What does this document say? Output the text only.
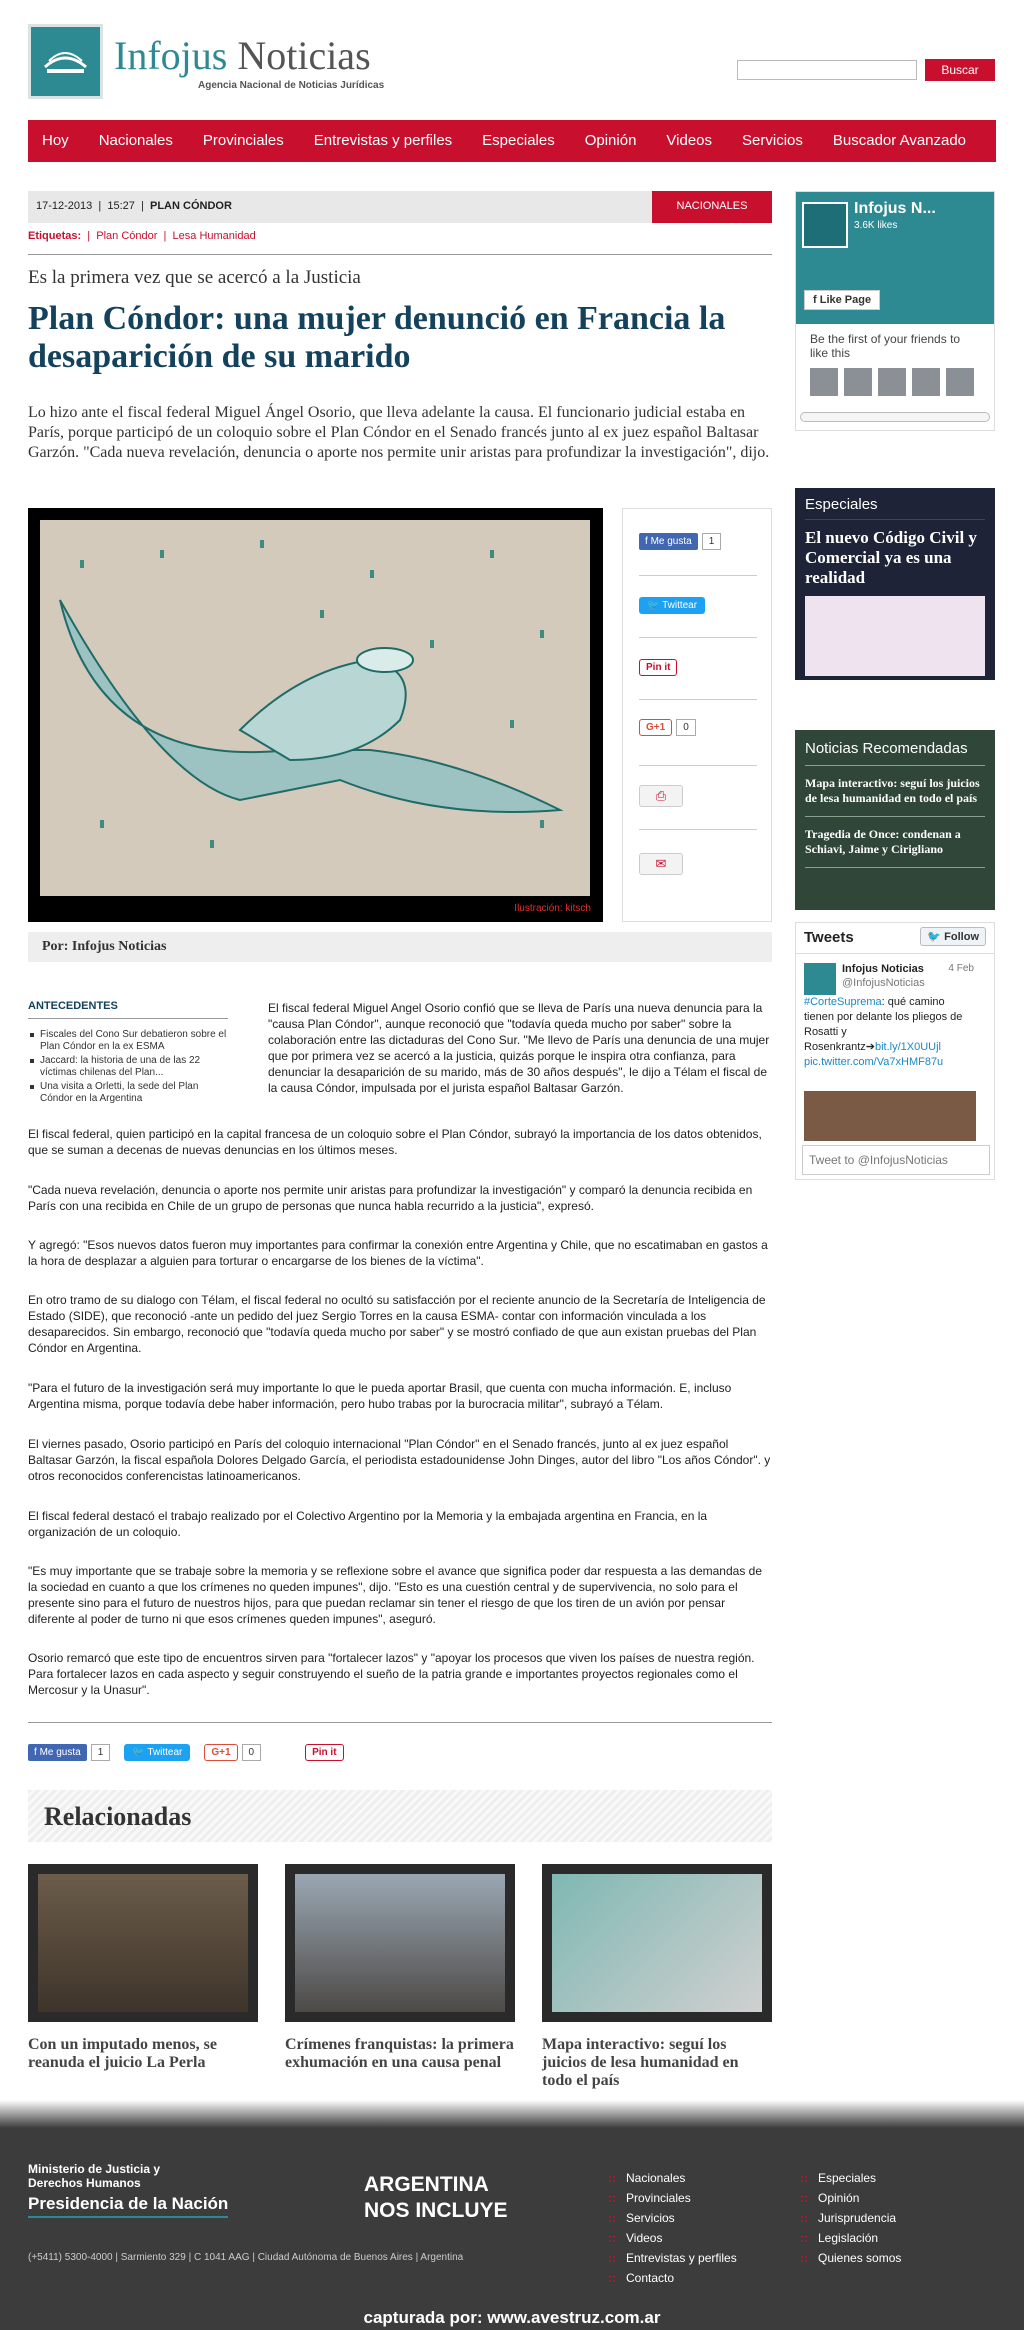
Infojus Noticias
Agencia Nacional de Noticias Jurídicas
Buscar
Hoy Nacionales Provinciales Entrevistas y perfiles Especiales Opinión Videos Servicios Buscador Avanzado
17-12-2013  |  15:27  |  PLAN CÓNDOR	NACIONALES
Etiquetas:  |  Plan Cóndor  |  Lesa Humanidad
Es la primera vez que se acercó a la Justicia
Plan Cóndor: una mujer denunció en Francia la desaparición de su marido

Lo hizo ante el fiscal federal Miguel Ángel Osorio, que lleva adelante la causa. El funcionario judicial estaba en París, porque participó de un coloquio sobre el Plan Cóndor en el Senado francés junto al ex juez español Baltasar Garzón. "Cada nueva revelación, denuncia o aporte nos permite unir aristas para profundizar la investigación", dijo.

Ilustración: kitsch
f Me gusta 1
🐦 Twittear
Pin it
G+1 0
⎙
✉
Por: Infojus Noticias
ANTECEDENTES
Fiscales del Cono Sur debatieron sobre el Plan Cóndor en la ex ESMA
Jaccard: la historia de una de las 22 víctimas chilenas del Plan...
Una visita a Orletti, la sede del Plan Cóndor en la Argentina

El fiscal federal Miguel Angel Osorio confió que se lleva de París una nueva denuncia para la "causa Plan Cóndor", aunque reconoció que "todavía queda mucho por saber" sobre la colaboración entre las dictaduras del Cono Sur. "Me llevo de París una denuncia de una mujer que por primera vez se acercó a la justicia, quizás porque le inspira otra confianza, para denunciar la desaparición de su marido, más de 30 años después", le dijo a Télam el fiscal de la causa Cóndor, impulsada por el jurista español Baltasar Garzón.

El fiscal federal, quien participó en la capital francesa de un coloquio sobre el Plan Cóndor, subrayó la importancia de los datos obtenidos, que se suman a decenas de nuevas denuncias en los últimos meses.

"Cada nueva revelación, denuncia o aporte nos permite unir aristas para profundizar la investigación" y comparó la denuncia recibida en París con una recibida en Chile de un grupo de personas que nunca habla recurrido a la justicia", expresó.

Y agregó: "Esos nuevos datos fueron muy importantes para confirmar la conexión entre Argentina y Chile, que no escatimaban en gastos a la hora de desplazar a alguien para torturar o encargarse de los bienes de la víctima".

En otro tramo de su dialogo con Télam, el fiscal federal no ocultó su satisfacción por el reciente anuncio de la Secretaría de Inteligencia de Estado (SIDE), que reconoció -ante un pedido del juez Sergio Torres en la causa ESMA- contar con información vinculada a los desaparecidos. Sin embargo, reconoció que "todavía queda mucho por saber" y se mostró confiado de que aun existan pruebas del Plan Cóndor en Argentina.

"Para el futuro de la investigación será muy importante lo que le pueda aportar Brasil, que cuenta con mucha información. E, incluso Argentina misma, porque todavía debe haber información, pero hubo trabas por la burocracia militar", subrayó a Télam.

El viernes pasado, Osorio participó en París del coloquio internacional "Plan Cóndor" en el Senado francés, junto al ex juez español Baltasar Garzón, la fiscal española Dolores Delgado García, el periodista estadounidense John Dinges, autor del libro "Los años Cóndor". y otros reconocidos conferencistas latinoamericanos.

El fiscal federal destacó el trabajo realizado por el Colectivo Argentino por la Memoria y la embajada argentina en Francia, en la organización de un coloquio.

"Es muy importante que se trabaje sobre la memoria y se reflexione sobre el avance que significa poder dar respuesta a las demandas de la sociedad en cuanto a que los crímenes no queden impunes", dijo. "Esto es una cuestión central y de supervivencia, no solo para el presente sino para el futuro de nuestros hijos, para que puedan reclamar sin tener el riesgo de que los tiren de un avión por pensar diferente al poder de turno ni que esos crímenes queden impunes", aseguró.

Osorio remarcó que este tipo de encuentros sirven para "fortalecer lazos" y "apoyar los procesos que viven los países de nuestra región. Para fortalecer lazos en cada aspecto y seguir construyendo el sueño de la patria grande e importantes proyectos regionales como el Mercosur y la Unasur".

f Me gusta 1	🐦 Twittear	G+1 0	Pin it
Relacionadas
Con un imputado menos, se reanuda el juicio La Perla
Crímenes franquistas: la primera exhumación en una causa penal
Mapa interactivo: seguí los juicios de lesa humanidad en todo el país
Infojus N...
3.6K likes
f Like Page
Be the first of your friends to like this
Especiales
El nuevo Código Civil y Comercial ya es una realidad
Noticias Recomendadas
Mapa interactivo: seguí los juicios de lesa humanidad en todo el país
Tragedia de Once: condenan a Schiavi, Jaime y Cirigliano
Tweets	🐦 Follow
Infojus Noticias
@InfojusNoticias
4 Feb
#CorteSuprema: qué camino tienen por delante los pliegos de Rosatti y Rosenkrantz➔bit.ly/1X0UUjl pic.twitter.com/Va7xHMF87u
Tweet to @InfojusNoticias
Ministerio de Justicia y Derechos Humanos
Presidencia de la Nación
ARGENTINA NOS INCLUYE
(+5411) 5300-4000 | Sarmiento 329 | C 1041 AAG | Ciudad Autónoma de Buenos Aires | Argentina
:: Nacionales
:: Provinciales
:: Servicios
:: Videos
:: Entrevistas y perfiles
:: Contacto
:: Especiales
:: Opinión
:: Jurisprudencia
:: Legislación
:: Quienes somos
capturada por: www.avestruz.com.ar
